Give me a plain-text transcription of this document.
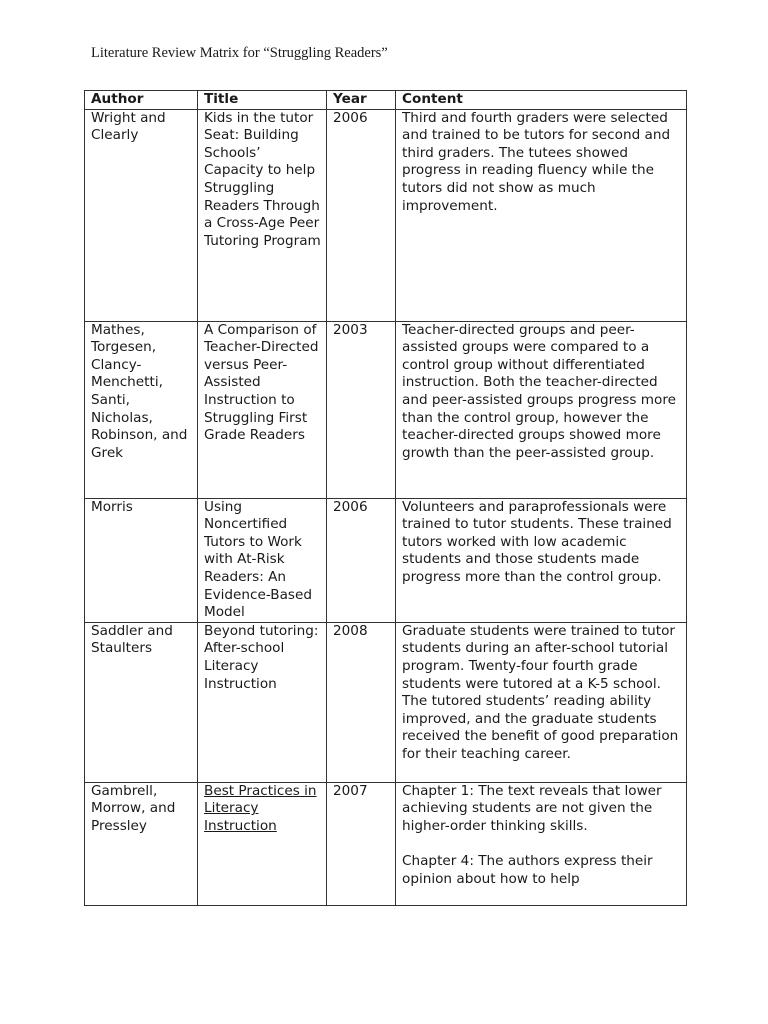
Literature Review Matrix for “Struggling Readers”
Author	Title	Year	Content
Wright and Clearly	Kids in the tutor Seat: Building Schools’ Capacity to help Struggling Readers Through a Cross-Age Peer Tutoring Program	2006	Third and fourth graders were selected and trained to be tutors for second and third graders. The tutees showed progress in reading fluency while the tutors did not show as much improvement.
Mathes, Torgesen, Clancy-Menchetti, Santi, Nicholas, Robinson, and Grek	A Comparison of Teacher-Directed versus Peer-Assisted Instruction to Struggling First Grade Readers	2003	Teacher-directed groups and peer-assisted groups were compared to a control group without differentiated instruction. Both the teacher-directed and peer-assisted groups progress more than the control group, however the teacher-directed groups showed more growth than the peer-assisted group.
Morris	Using Noncertified Tutors to Work with At-Risk Readers: An Evidence-Based Model	2006	Volunteers and paraprofessionals were trained to tutor students. These trained tutors worked with low academic students and those students made progress more than the control group.
Saddler and Staulters	Beyond tutoring: After-school Literacy Instruction	2008	Graduate students were trained to tutor students during an after-school tutorial program. Twenty-four fourth grade students were tutored at a K-5 school. The tutored students’ reading ability improved, and the graduate students received the benefit of good preparation for their teaching career.
Gambrell, Morrow, and Pressley	Best Practices in Literacy Instruction	2007	Chapter 1: The text reveals that lower achieving students are not given the higher-order thinking skills.
Chapter 4: The authors express their opinion about how to help
